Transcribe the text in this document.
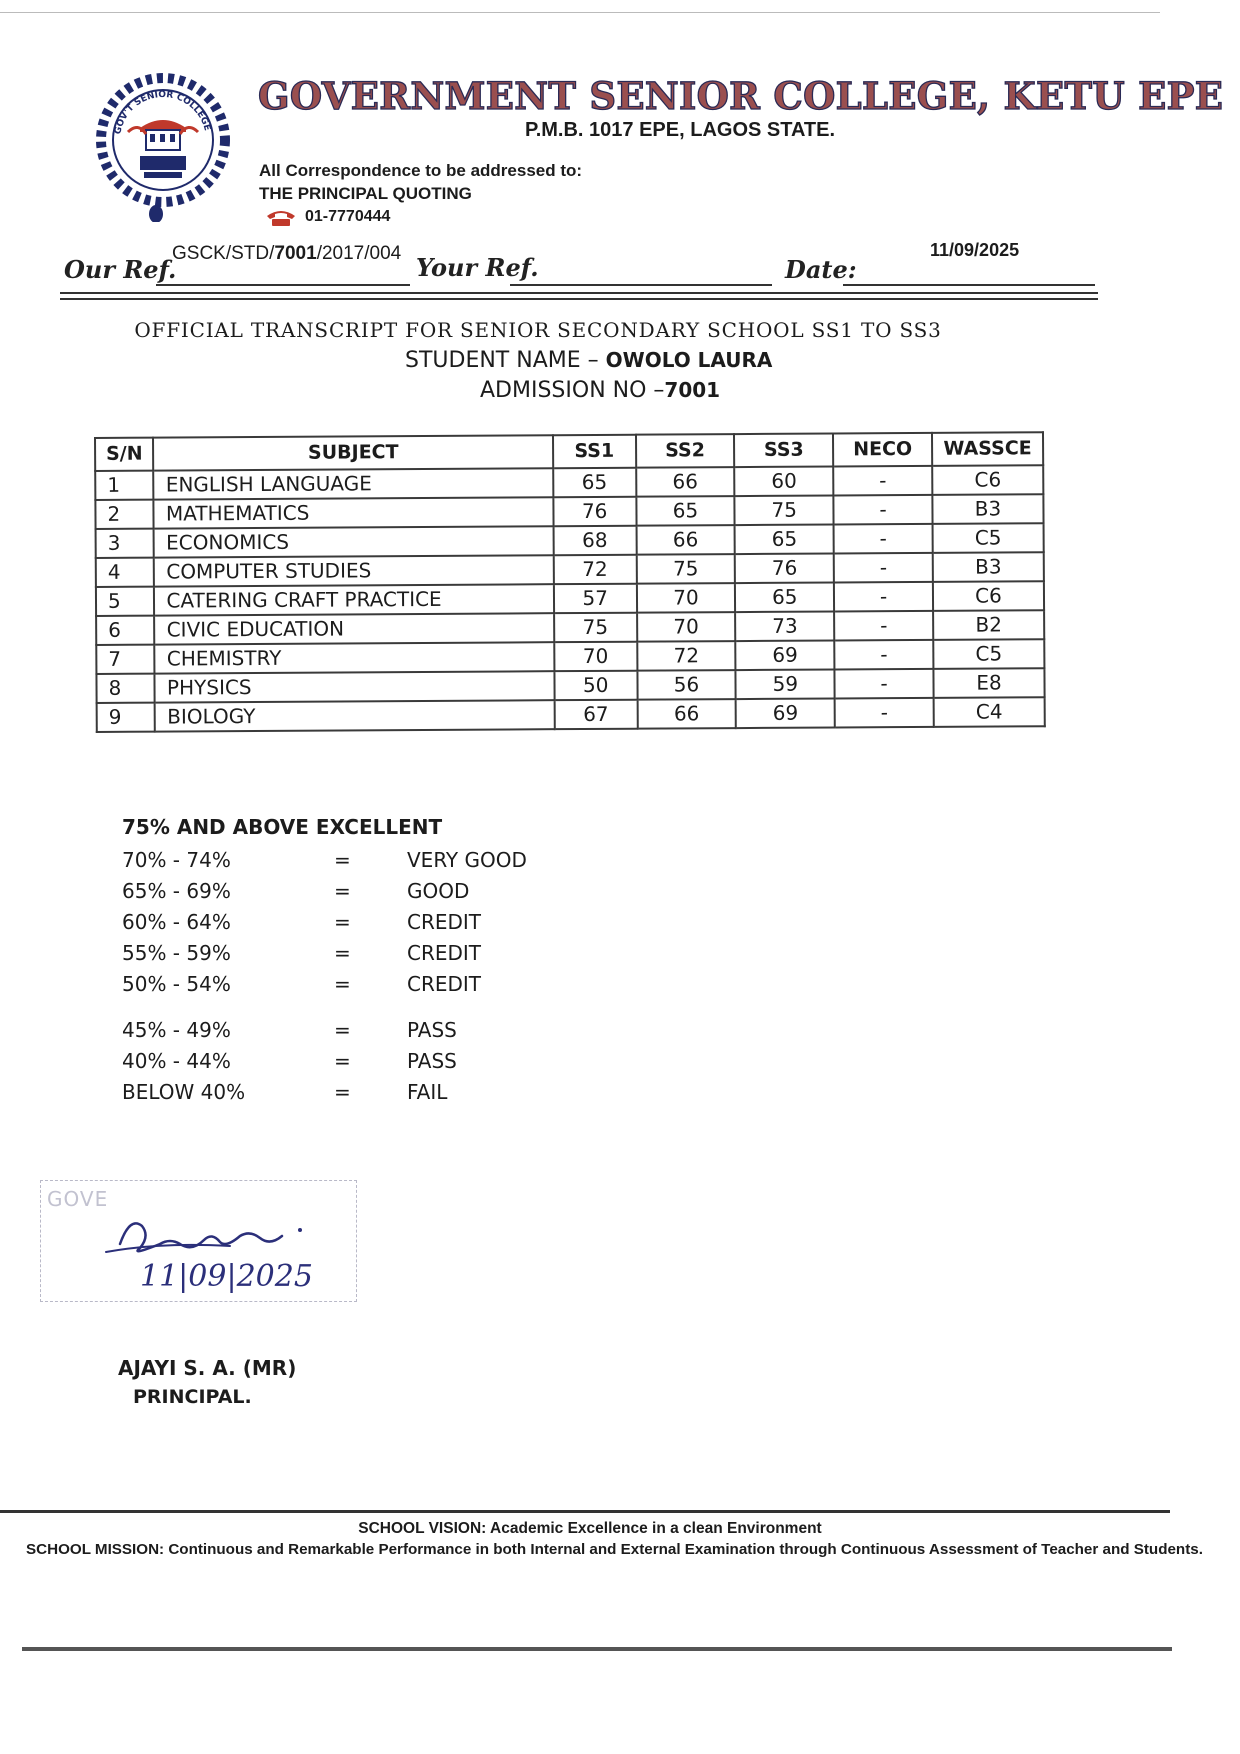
GOV'T SENIOR COLLEGE
GOVERNMENT SENIOR COLLEGE, KETU EPE
P.M.B. 1017 EPE, LAGOS STATE.
All Correspondence to be addressed to:
THE PRINCIPAL QUOTING
01-7770444
Our Ref.
GSCK/STD/7001/2017/004 Your Ref.	Date:
11/09/2025
OFFICIAL TRANSCRIPT FOR SENIOR SECONDARY SCHOOL SS1 TO SS3
STUDENT NAME – OWOLO LAURA
ADMISSION NO –7001
S/N	SUBJECT	SS1	SS2	SS3	NECO	WASSCE
1	ENGLISH LANGUAGE	65	66	60	-	C6
2	MATHEMATICS	76	65	75	-	B3
3	ECONOMICS	68	66	65	-	C5
4	COMPUTER STUDIES	72	75	76	-	B3
5	CATERING CRAFT PRACTICE	57	70	65	-	C6
6	CIVIC EDUCATION	75	70	73	-	B2
7	CHEMISTRY	70	72	69	-	C5
8	PHYSICS	50	56	59	-	E8
9	BIOLOGY	67	66	69	-	C4
75% AND ABOVE EXCELLENT
70% - 74%	=	VERY GOOD
65% - 69%	=	GOOD
60% - 64%	=	CREDIT
55% - 59%	=	CREDIT
50% - 54%	=	CREDIT
45% - 49%	=	PASS
40% - 44%	=	PASS
BELOW 40%	=	FAIL
GOVE
11|09|2025
AJAYI S. A. (MR)
PRINCIPAL.
SCHOOL VISION: Academic Excellence in a clean Environment
SCHOOL MISSION: Continuous and Remarkable Performance in both Internal and External Examination through Continuous Assessment of Teacher and Students.
